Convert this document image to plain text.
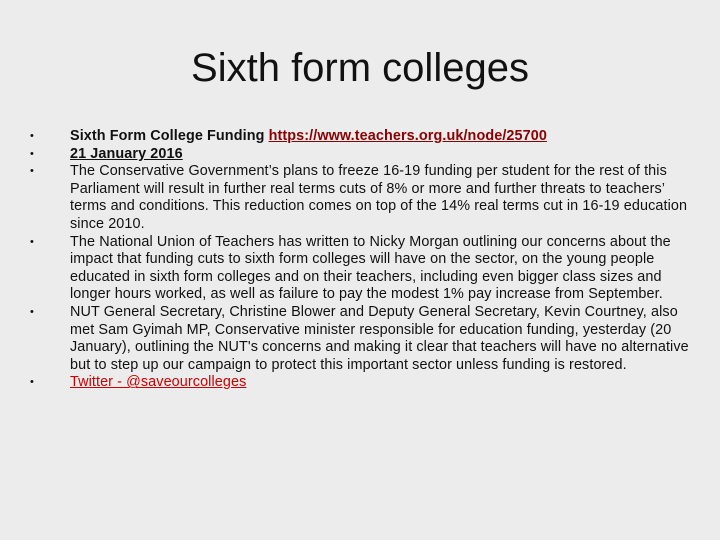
Sixth form colleges
•	Sixth Form College Funding https://www.teachers.org.uk/node/25700
•	21 January 2016
•	The Conservative Government’s plans to freeze 16-19 funding per student for the rest of this Parliament will result in further real terms cuts of 8% or more and further threats to teachers’ terms and conditions. This reduction comes on top of the 14% real terms cut in 16-19 education since 2010.
•	The National Union of Teachers has written to Nicky Morgan outlining our concerns about the impact that funding cuts to sixth form colleges will have on the sector, on the young people educated in sixth form colleges and on their teachers, including even bigger class sizes and longer hours worked, as well as failure to pay the modest 1% pay increase from September.
•	NUT General Secretary, Christine Blower and Deputy General Secretary, Kevin Courtney, also met Sam Gyimah MP, Conservative minister responsible for education funding, yesterday (20 January), outlining the NUT's concerns and making it clear that teachers will have no alternative but to step up our campaign to protect this important sector unless funding is restored.
•	Twitter - @saveourcolleges
